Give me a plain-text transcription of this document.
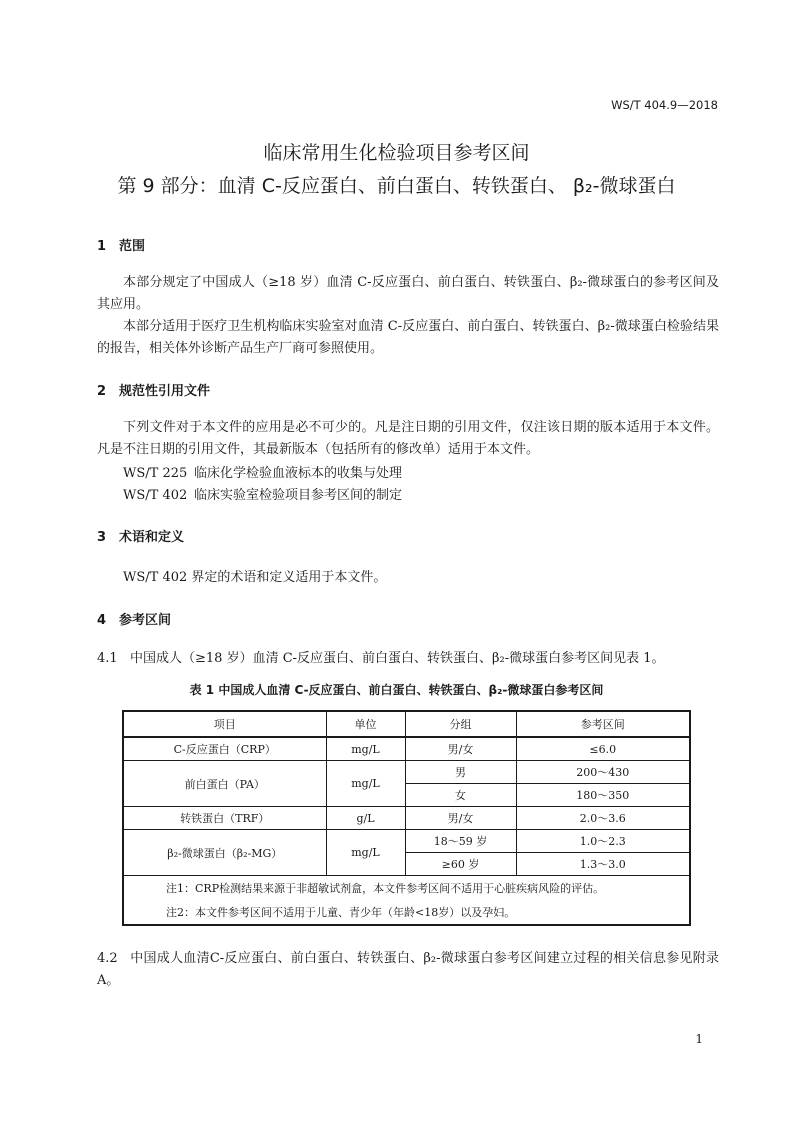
WS/T 404.9—2018
临床常用生化检验项目参考区间
第 9 部分：血清 C-反应蛋白、前白蛋白、转铁蛋白、 β₂-微球蛋白
1 范围
本部分规定了中国成人（≥18 岁）血清 C-反应蛋白、前白蛋白、转铁蛋白、β₂-微球蛋白的参考区间及其应用。
本部分适用于医疗卫生机构临床实验室对血清 C-反应蛋白、前白蛋白、转铁蛋白、β₂-微球蛋白检验结果的报告，相关体外诊断产品生产厂商可参照使用。
2 规范性引用文件
下列文件对于本文件的应用是必不可少的。凡是注日期的引用文件，仅注该日期的版本适用于本文件。凡是不注日期的引用文件，其最新版本（包括所有的修改单）适用于本文件。
WS/T 225 临床化学检验血液标本的收集与处理
WS/T 402 临床实验室检验项目参考区间的制定
3 术语和定义
WS/T 402 界定的术语和定义适用于本文件。
4 参考区间
4.1 中国成人（≥18 岁）血清 C-反应蛋白、前白蛋白、转铁蛋白、β₂-微球蛋白参考区间见表 1。
表 1 中国成人血清 C-反应蛋白、前白蛋白、转铁蛋白、β₂-微球蛋白参考区间
项目	单位	分组	参考区间
C-反应蛋白（CRP）	mg/L	男/女	≤6.0
前白蛋白（PA）	mg/L	男	200～430
		女	180～350
转铁蛋白（TRF）	g/L	男/女	2.0～3.6
β₂-微球蛋白（β₂-MG）	mg/L	18～59 岁	1.0～2.3
		≥60 岁	1.3～3.0
注1：CRP检测结果来源于非超敏试剂盒，本文件参考区间不适用于心脏疾病风险的评估。			
注2：本文件参考区间不适用于儿童、青少年（年龄<18岁）以及孕妇。			
4.2 中国成人血清C-反应蛋白、前白蛋白、转铁蛋白、β₂-微球蛋白参考区间建立过程的相关信息参见附录A。
1
